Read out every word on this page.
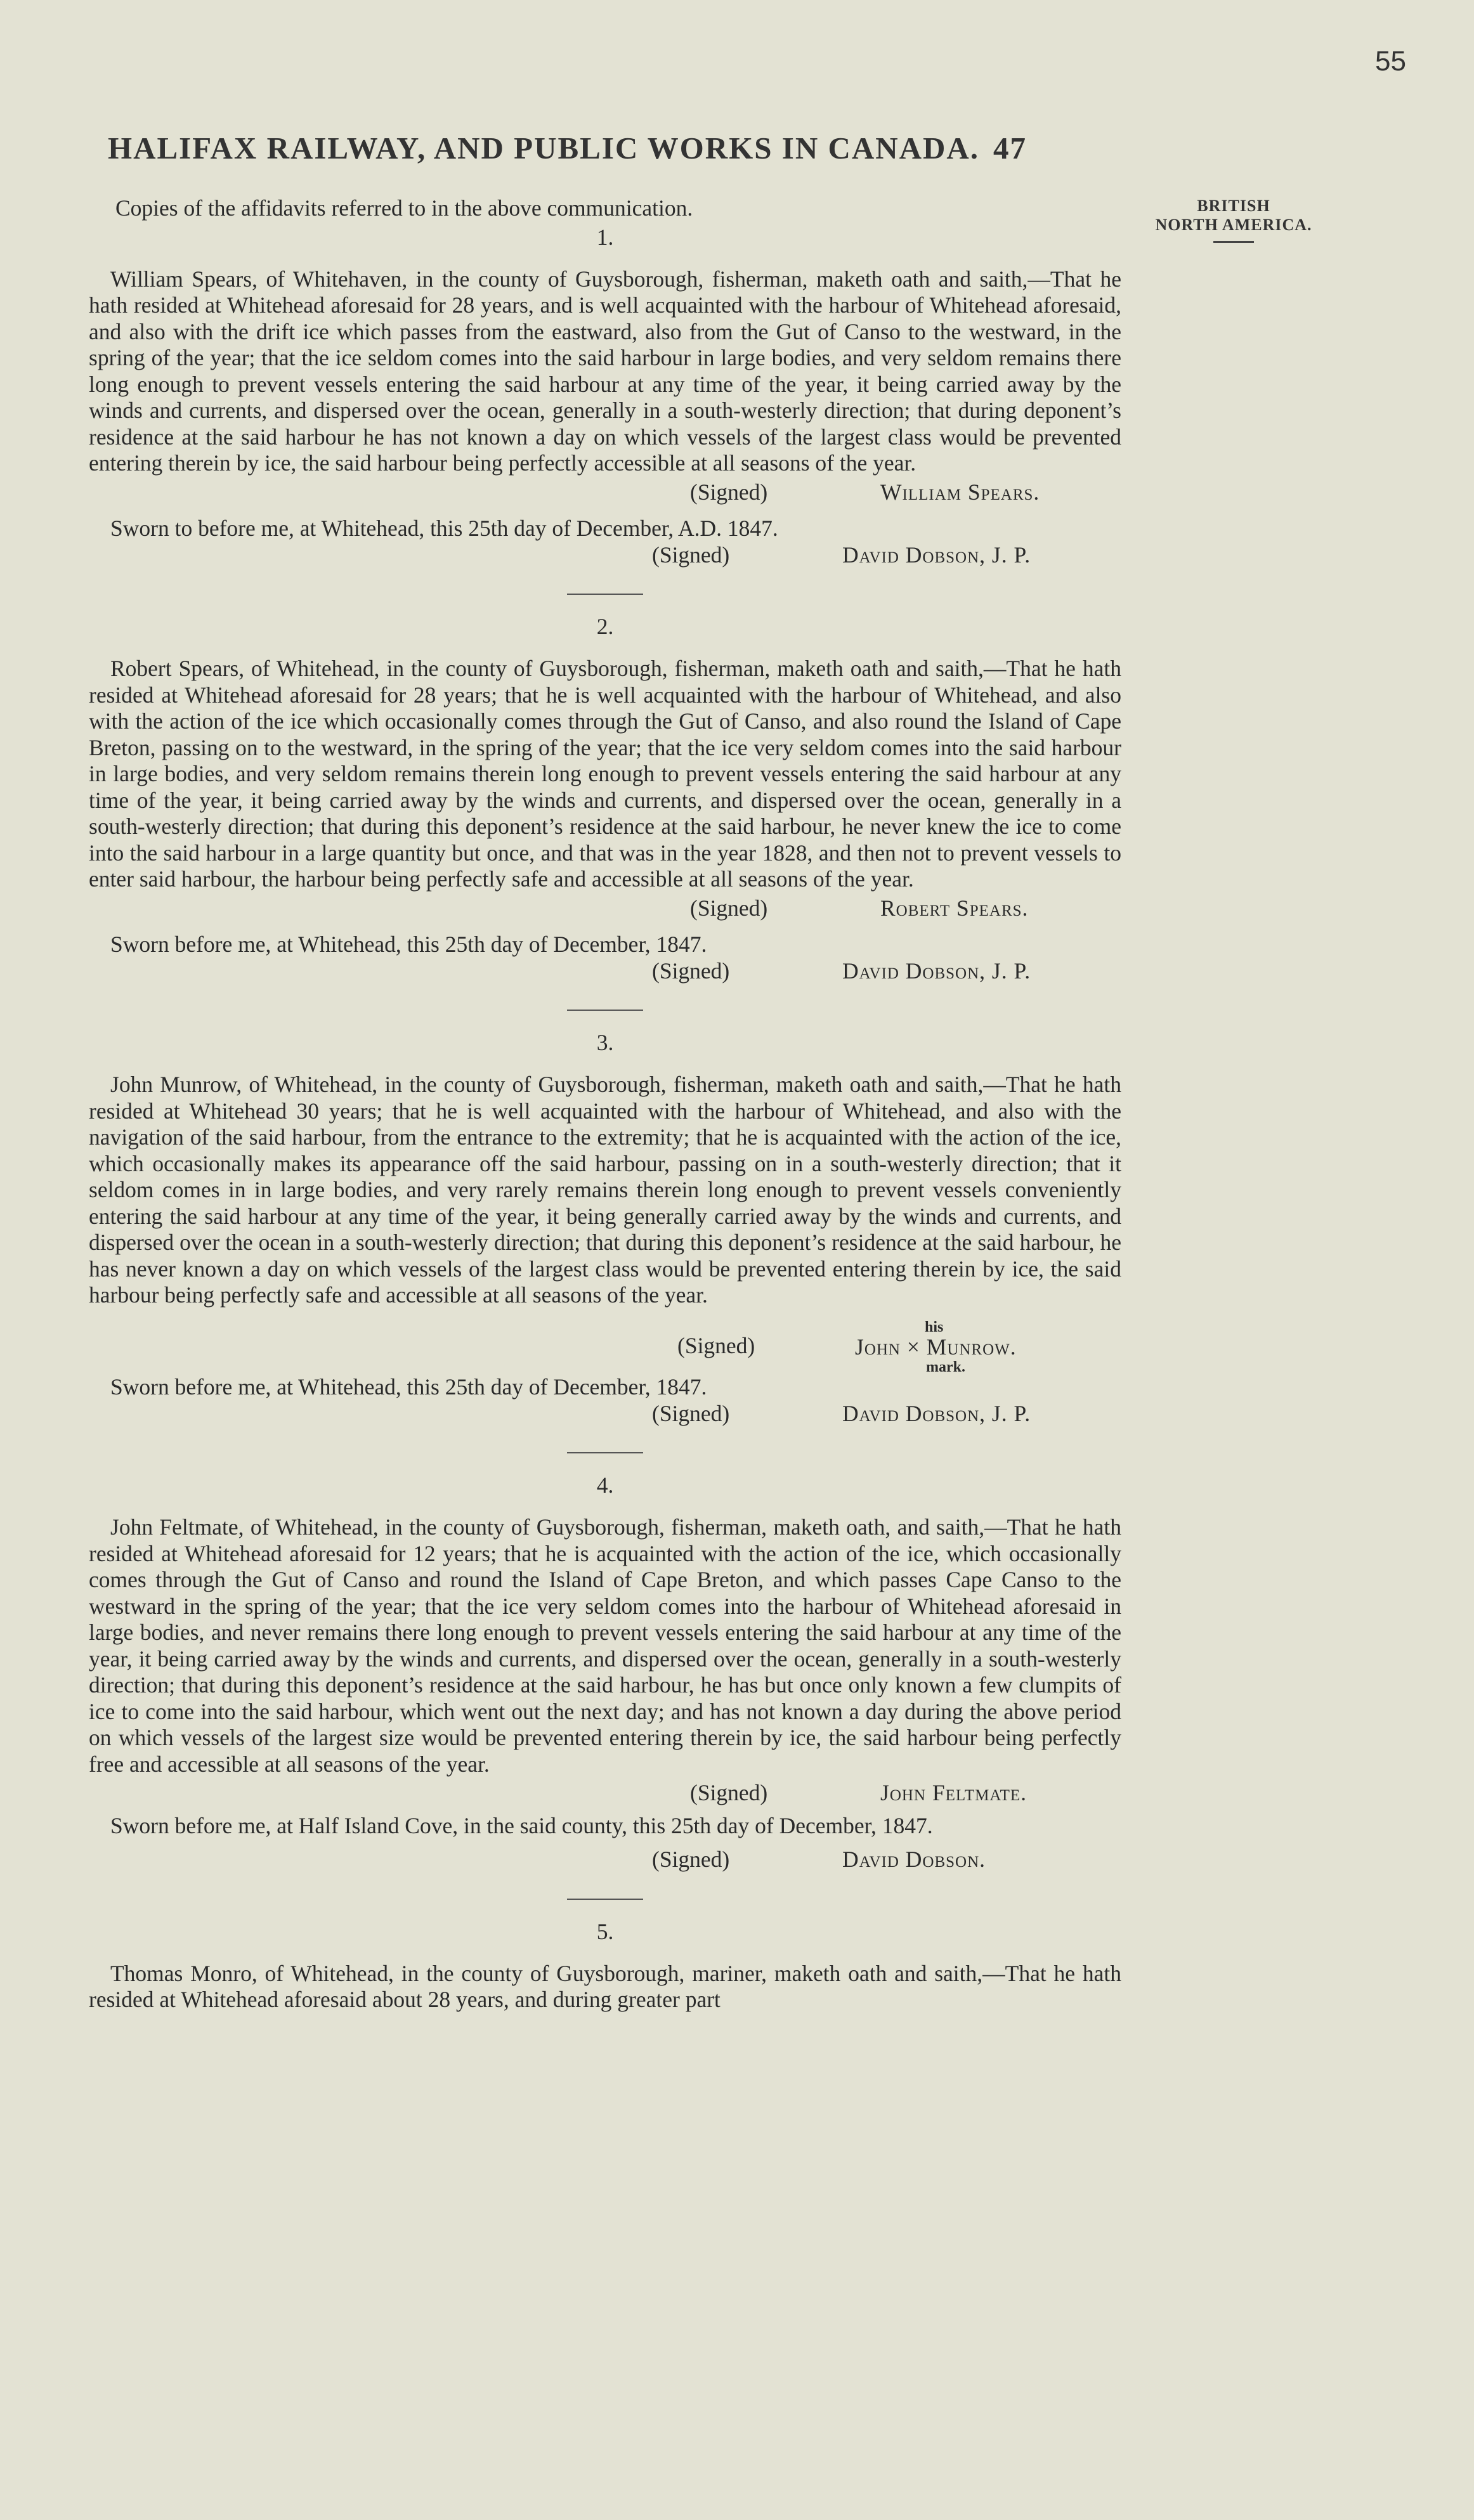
55
HALIFAX RAILWAY, AND PUBLIC WORKS IN CANADA. 47
BRITISH
NORTH AMERICA.

Copies of the affidavits referred to in the above communication.

1.

William Spears, of Whitehaven, in the county of Guysborough, fisherman, maketh oath and saith,—That he hath resided at Whitehead aforesaid for 28 years, and is well acquainted with the harbour of Whitehead aforesaid, and also with the drift ice which passes from the eastward, also from the Gut of Canso to the westward, in the spring of the year; that the ice seldom comes into the said harbour in large bodies, and very seldom remains there long enough to prevent vessels entering the said harbour at any time of the year, it being carried away by the winds and currents, and dispersed over the ocean, generally in a south-westerly direction; that during deponent’s residence at the said harbour he has not known a day on which vessels of the largest class would be prevented entering therein by ice, the said harbour being perfectly accessible at all seasons of the year.

(Signed)	William Spears.

Sworn to before me, at Whitehead, this 25th day of December, A.D. 1847.

(Signed)	David Dobson, J. P.
2.

Robert Spears, of Whitehead, in the county of Guysborough, fisherman, maketh oath and saith,—That he hath resided at Whitehead aforesaid for 28 years; that he is well acquainted with the harbour of Whitehead, and also with the action of the ice which occasionally comes through the Gut of Canso, and also round the Island of Cape Breton, passing on to the westward, in the spring of the year; that the ice very seldom comes into the said harbour in large bodies, and very seldom remains therein long enough to prevent vessels entering the said harbour at any time of the year, it being carried away by the winds and currents, and dispersed over the ocean, generally in a south-westerly direction; that during this deponent’s residence at the said harbour, he never knew the ice to come into the said harbour in a large quantity but once, and that was in the year 1828, and then not to prevent vessels to enter said harbour, the harbour being perfectly safe and accessible at all seasons of the year.

(Signed)	Robert Spears.

Sworn before me, at Whitehead, this 25th day of December, 1847.

(Signed)	David Dobson, J. P.
3.

John Munrow, of Whitehead, in the county of Guysborough, fisherman, maketh oath and saith,—That he hath resided at Whitehead 30 years; that he is well acquainted with the harbour of Whitehead, and also with the navigation of the said harbour, from the entrance to the extremity; that he is acquainted with the action of the ice, which occasionally makes its appearance off the said harbour, passing on in a south-westerly direction; that it seldom comes in in large bodies, and very rarely remains therein long enough to prevent vessels conveniently entering the said harbour at any time of the year, it being generally carried away by the winds and currents, and dispersed over the ocean in a south-westerly direction; that during this deponent’s residence at the said harbour, he has never known a day on which vessels of the largest class would be prevented entering therein by ice, the said harbour being perfectly safe and accessible at all seasons of the year.

(Signed)
his
John × Munrow.
mark.

Sworn before me, at Whitehead, this 25th day of December, 1847.

(Signed)	David Dobson, J. P.
4.

John Feltmate, of Whitehead, in the county of Guysborough, fisherman, maketh oath, and saith,—That he hath resided at Whitehead aforesaid for 12 years; that he is acquainted with the action of the ice, which occasionally comes through the Gut of Canso and round the Island of Cape Breton, and which passes Cape Canso to the westward in the spring of the year; that the ice very seldom comes into the harbour of Whitehead aforesaid in large bodies, and never remains there long enough to prevent vessels entering the said harbour at any time of the year, it being carried away by the winds and currents, and dispersed over the ocean, generally in a south-westerly direction; that during this deponent’s residence at the said harbour, he has but once only known a few clumpits of ice to come into the said harbour, which went out the next day; and has not known a day during the above period on which vessels of the largest size would be prevented entering therein by ice, the said harbour being perfectly free and accessible at all seasons of the year.

(Signed)	John Feltmate.

Sworn before me, at Half Island Cove, in the said county, this 25th day of December, 1847.

(Signed)	David Dobson.
5.

Thomas Monro, of Whitehead, in the county of Guysborough, mariner, maketh oath and saith,—That he hath resided at Whitehead aforesaid about 28 years, and during greater part
